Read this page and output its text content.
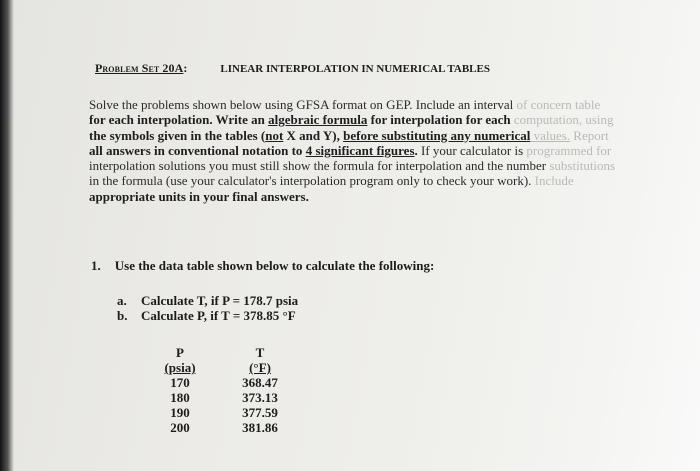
Problem Set 20A:	LINEAR INTERPOLATION IN NUMERICAL TABLES
Solve the problems shown below using GFSA format on GEP. Include an interval of concern table
for each interpolation. Write an algebraic formula for interpolation for each computation, using
the symbols given in the tables (not X and Y), before substituting any numerical values. Report
all answers in conventional notation to 4 significant figures. If your calculator is programmed for
interpolation solutions you must still show the formula for interpolation and the number substitutions
in the formula (use your calculator's interpolation program only to check your work). Include
appropriate units in your final answers.
1. Use the data table shown below to calculate the following:
a. Calculate T, if P = 178.7 psia
b. Calculate P, if T = 378.85 °F
P
(psia)
170
180
190
200
T
(°F)
368.47
373.13
377.59
381.86
